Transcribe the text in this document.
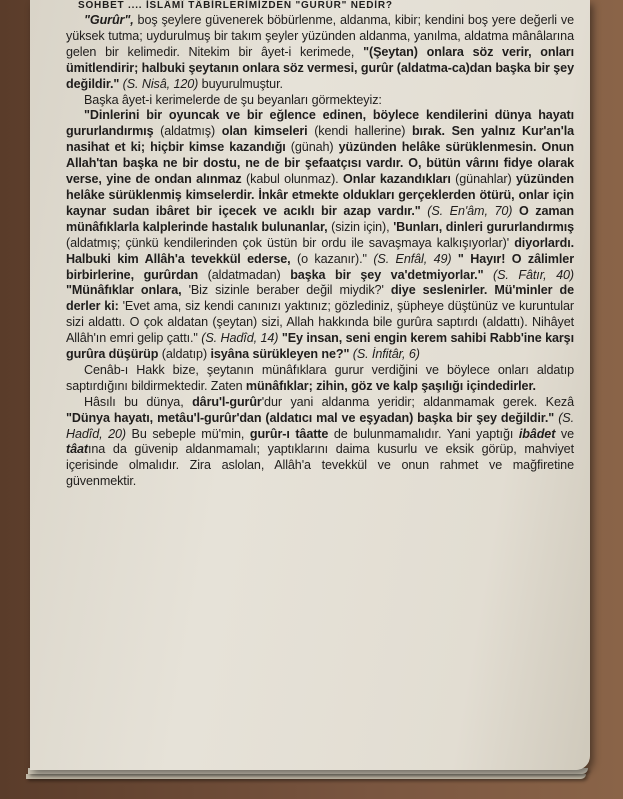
SOHBET .... İSLÂMÎ TÂBİRLERİMİZDEN "GURÛR" NEDİR?

"Gurûr", boş şeylere güvenerek böbürlenme, aldanma, kibir; kendini boş yere değerli ve yüksek tutma; uydurulmuş bir takım şeyler yüzünden aldanma, yanılma, aldatma mânâlarına gelen bir kelimedir. Nitekim bir âyet-i kerimede, "(Şeytan) onlara söz verir, onları ümitlendirir; halbuki şeytanın onlara söz vermesi, gurûr (aldatma-ca)dan başka bir şey değildir." (S. Nisâ, 120) buyurulmuştur.

Başka âyet-i kerimelerde de şu beyanları görmekteyiz:

"Dinlerini bir oyuncak ve bir eğlence edinen, böylece kendilerini dünya hayatı gururlandırmış (aldatmış) olan kimseleri (kendi hallerine) bırak. Sen yalnız Kur'an'la nasihat et ki; hiçbir kimse kazandığı (günah) yüzünden helâke sürüklenmesin. Onun Allah'tan başka ne bir dostu, ne de bir şefaatçısı vardır. O, bütün vârını fidye olarak verse, yine de ondan alınmaz (kabul olunmaz). Onlar kazandıkları (günahlar) yüzünden helâke sürüklenmiş kimselerdir. İnkâr etmekte oldukları gerçeklerden ötürü, onlar için kaynar sudan ibâret bir içecek ve acıklı bir azap vardır." (S. En'âm, 70) O zaman münâfıklarla kalplerinde hastalık bulunanlar, (sizin için), 'Bunları, dinleri gururlandırmış (aldatmış; çünkü kendilerinden çok üstün bir ordu ile savaşmaya kalkışıyorlar)' diyorlardı. Halbuki kim Allâh'a tevekkül ederse, (o kazanır)." (S. Enfâl, 49) " Hayır! O zâlimler birbirlerine, gurûrdan (aldatmadan) başka bir şey va'detmiyorlar." (S. Fâtır, 40) "Münâfıklar onlara, 'Biz sizinle beraber değil miydik?' diye seslenirler. Mü'minler de derler ki: 'Evet ama, siz kendi canınızı yaktınız; gözlediniz, şüpheye düştünüz ve kuruntular sizi aldattı. O çok aldatan (şeytan) sizi, Allah hakkında bile gurûra saptırdı (aldattı). Nihâyet Allâh'ın emri gelip çattı." (S. Hadîd, 14) "Ey insan, seni engin kerem sahibi Rabb'ine karşı gurûra düşürüp (aldatıp) isyâna sürükleyen ne?" (S. İnfitâr, 6)

Cenâb-ı Hakk bize, şeytanın münâfıklara gurur verdiğini ve böylece onları aldatıp saptırdığını bildirmektedir. Zaten münâfıklar; zihin, göz ve kalp şaşılığı içindedirler.

Hâsılı bu dünya, dâru'l-gurûr'dur yani aldanma yeridir; aldanmamak gerek. Kezâ "Dünya hayatı, metâu'l-gurûr'dan (aldatıcı mal ve eşyadan) başka bir şey değildir." (S. Hadîd, 20) Bu sebeple mü'min, gurûr-ı tâatte de bulunmamalıdır. Yani yaptığı ibâdet ve tâatına da güvenip aldanmamalı; yaptıklarını daima kusurlu ve eksik görüp, mahviyet içerisinde olmalıdır. Zira aslolan, Allâh'a tevekkül ve onun rahmet ve mağfiretine güvenmektir.
